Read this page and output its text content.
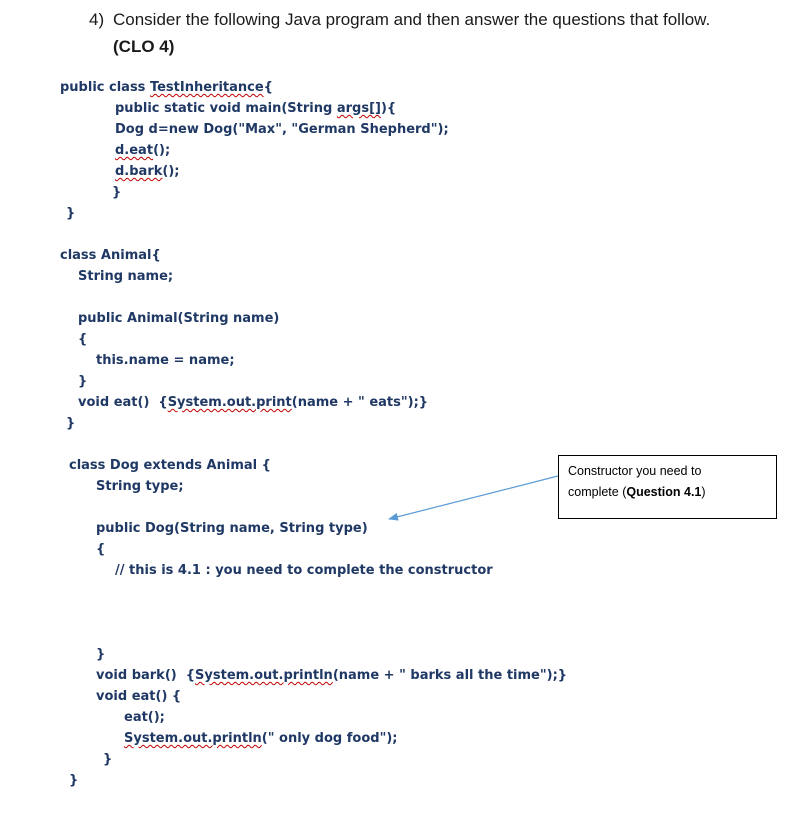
4) Consider the following Java program and then answer the questions that follow.
(CLO 4)
public class TestInheritance{
public static void main(String args[]){
Dog d=new Dog("Max", "German Shepherd");
d.eat();
d.bark();
}
}
class Animal{
String name;
public Animal(String name)
{
this.name = name;
}
void eat()  {System.out.print(name + " eats");}
}
class Dog extends Animal {
String type;
public Dog(String name, String type)
{
// this is 4.1 : you need to complete the constructor
}
void bark()  {System.out.println(name + " barks all the time");}
void eat() {
eat();
System.out.println(" only dog food");
}
}
Constructor you need to
complete (Question 4.1)
